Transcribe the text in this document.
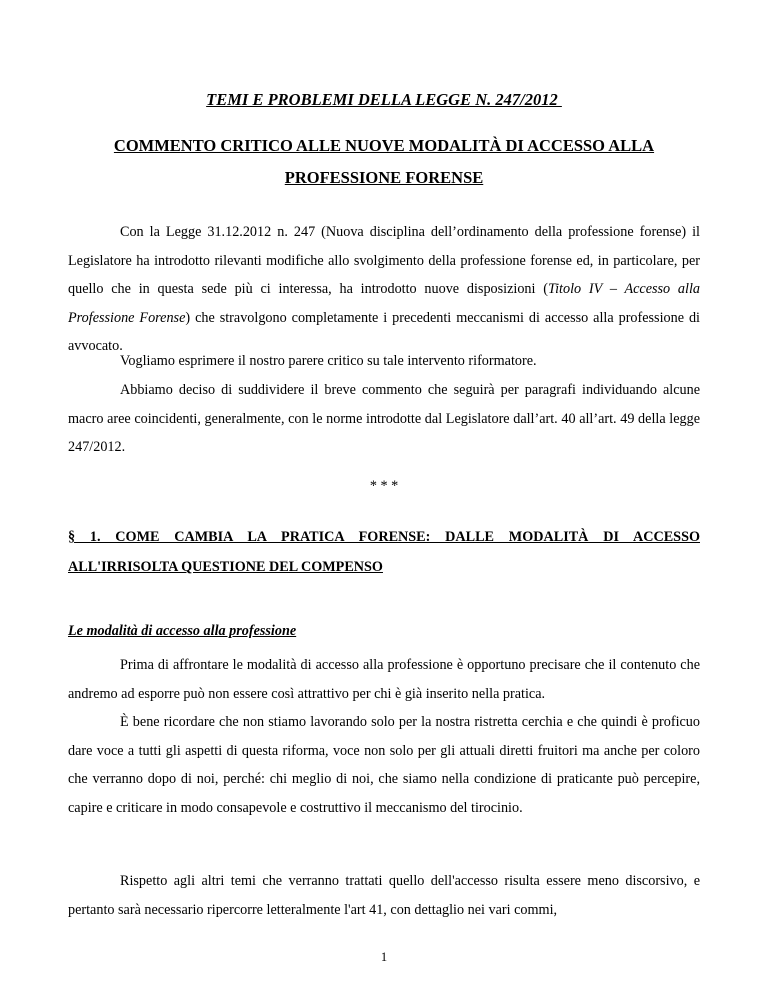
TEMI E PROBLEMI DELLA LEGGE N. 247/2012
COMMENTO CRITICO ALLE NUOVE MODALITÀ DI ACCESSO ALLA PROFESSIONE FORENSE

Con la Legge 31.12.2012 n. 247 (Nuova disciplina dell’ordinamento della professione forense) il Legislatore ha introdotto rilevanti modifiche allo svolgimento della professione forense ed, in particolare, per quello che in questa sede più ci interessa, ha introdotto nuove disposizioni (Titolo IV – Accesso alla Professione Forense) che stravolgono completamente i precedenti meccanismi di accesso alla professione di avvocato.

Vogliamo esprimere il nostro parere critico su tale intervento riformatore.

Abbiamo deciso di suddividere il breve commento che seguirà per paragrafi individuando alcune macro aree coincidenti, generalmente, con le norme introdotte dal Legislatore dall’art. 40 all’art. 49 della legge 247/2012.

* * *
§ 1. COME CAMBIA LA PRATICA FORENSE: DALLE MODALITÀ DI ACCESSO
ALL'IRRISOLTA QUESTIONE DEL COMPENSO
Le modalità di accesso alla professione

Prima di affrontare le modalità di accesso alla professione è opportuno precisare che il contenuto che andremo ad esporre può non essere così attrattivo per chi è già inserito nella pratica.

È bene ricordare che non stiamo lavorando solo per la nostra ristretta cerchia e che quindi è proficuo dare voce a tutti gli aspetti di questa riforma, voce non solo per gli attuali diretti fruitori ma anche per coloro che verranno dopo di noi, perché: chi meglio di noi, che siamo nella condizione di praticante può percepire, capire e criticare in modo consapevole e costruttivo il meccanismo del tirocinio.

Rispetto agli altri temi che verranno trattati quello dell'accesso risulta essere meno discorsivo, e pertanto sarà necessario ripercorre letteralmente l'art 41, con dettaglio nei vari commi,

1
